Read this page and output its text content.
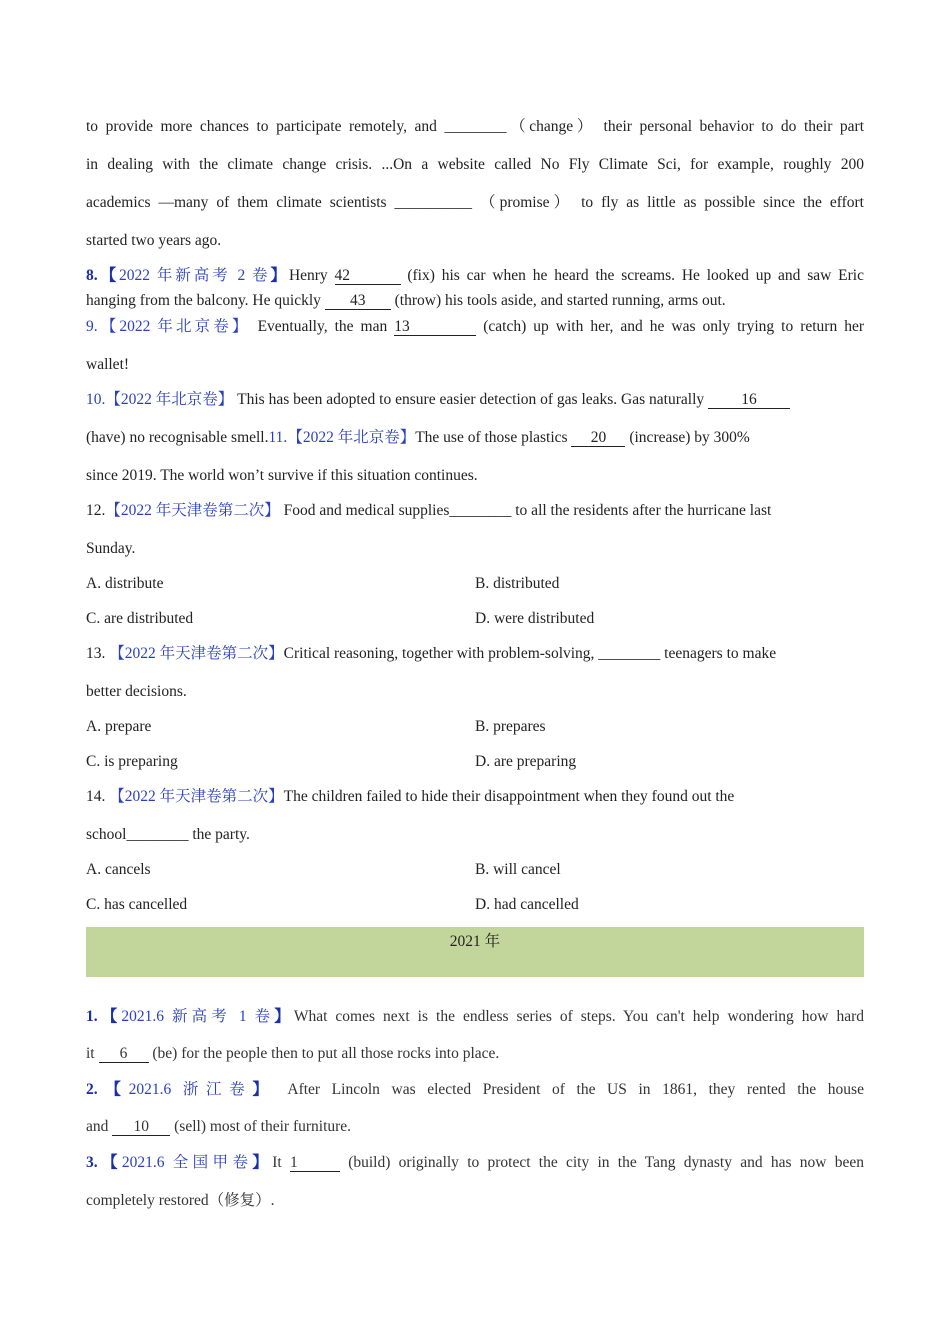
to provide more chances to participate remotely, and ________（change） their personal behavior to do their part
in dealing with the climate change crisis. ...On a website called No Fly Climate Sci, for example, roughly 200
academics —many of them climate scientists __________ （promise） to fly as little as possible since the effort
started two years ago.
8.【2022 年新高考 2 卷】Henry 42	(fix) his car when he heard the screams. He looked up and saw Eric
hanging from the balcony. He quickly 43 (throw) his tools aside, and started running, arms out.
9.【2022 年北京卷】 Eventually, the man 13	(catch) up with her, and he was only trying to return her
wallet!
10.【2022 年北京卷】 This has been adopted to ensure easier detection of gas leaks. Gas naturally 16
(have) no recognisable smell.11.【2022 年北京卷】The use of those plastics 20 (increase) by 300%
since 2019. The world won’t survive if this situation continues.
12.【2022 年天津卷第二次】 Food and medical supplies________ to all the residents after the hurricane last
Sunday.
A. distribute	B. distributed
C. are distributed	D. were distributed
13. 【2022 年天津卷第二次】Critical reasoning, together with problem-solving, ________ teenagers to make
better decisions.
A. prepare	B. prepares
C. is preparing	D. are preparing
14. 【2022 年天津卷第二次】The children failed to hide their disappointment when they found out the
school________ the party.
A. cancels	B. will cancel
C. has cancelled	D. had cancelled
2021 年
1.【2021.6 新高考 1 卷】What comes next is the endless series of steps. You can't help wondering how hard
it 6 (be) for the people then to put all those rocks into place.
2.【2021.6 浙江卷】 After Lincoln was elected President of the US in 1861, they rented the house
and 10 (sell) most of their furniture.
3.【2021.6 全国甲卷】It 1	(build) originally to protect the city in the Tang dynasty and has now been
completely restored（修复）.
